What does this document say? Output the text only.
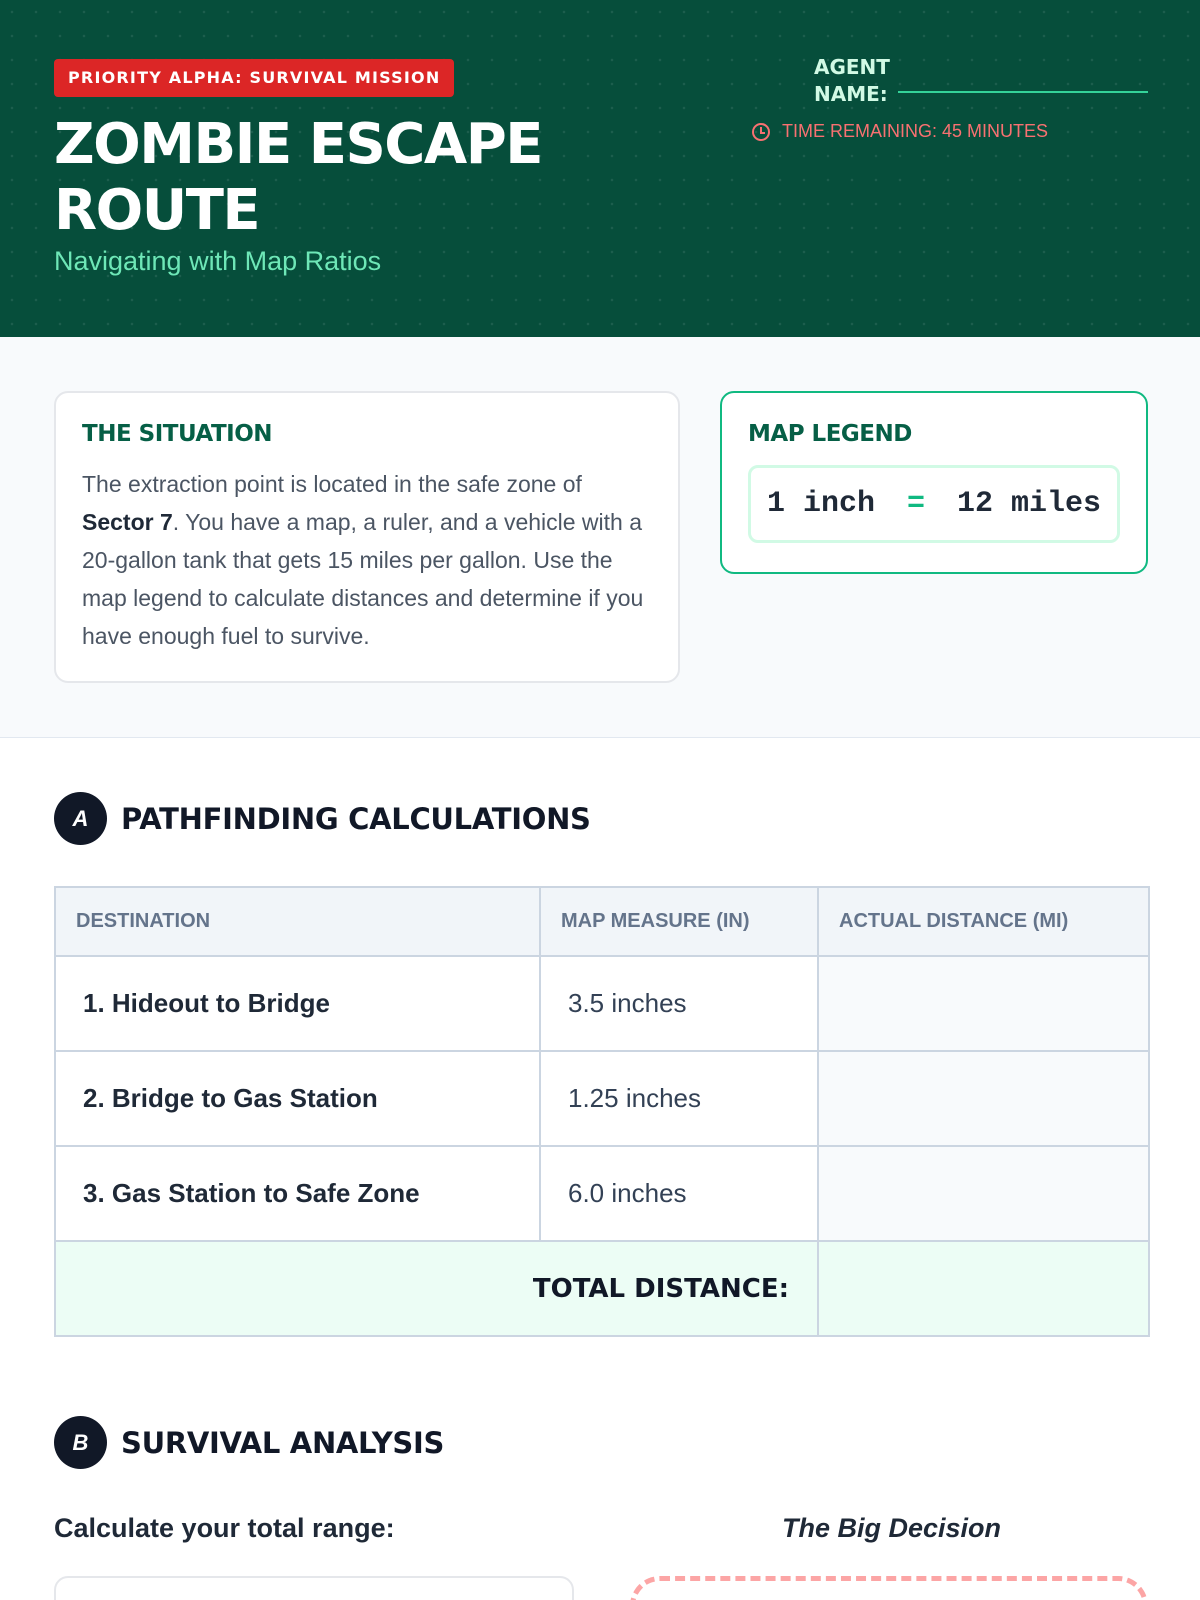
PRIORITY ALPHA: SURVIVAL MISSION
ZOMBIE ESCAPE ROUTE
Navigating with Map Ratios
AGENT NAME:
TIME REMAINING: 45 MINUTES
THE SITUATION

The extraction point is located in the safe zone of Sector 7. You have a map, a ruler, and a vehicle with a 20-gallon tank that gets 15 miles per gallon. Use the map legend to calculate distances and determine if you have enough fuel to survive.

MAP LEGEND
1 inch = 12 miles
A	PATHFINDING CALCULATIONS
DESTINATION	MAP MEASURE (IN)	ACTUAL DISTANCE (MI)
1. Hideout to Bridge	3.5 inches	
2. Bridge to Gas Station	1.25 inches	
3. Gas Station to Safe Zone	6.0 inches	
TOTAL DISTANCE:		
B	SURVIVAL ANALYSIS
Calculate your total range:	The Big Decision
